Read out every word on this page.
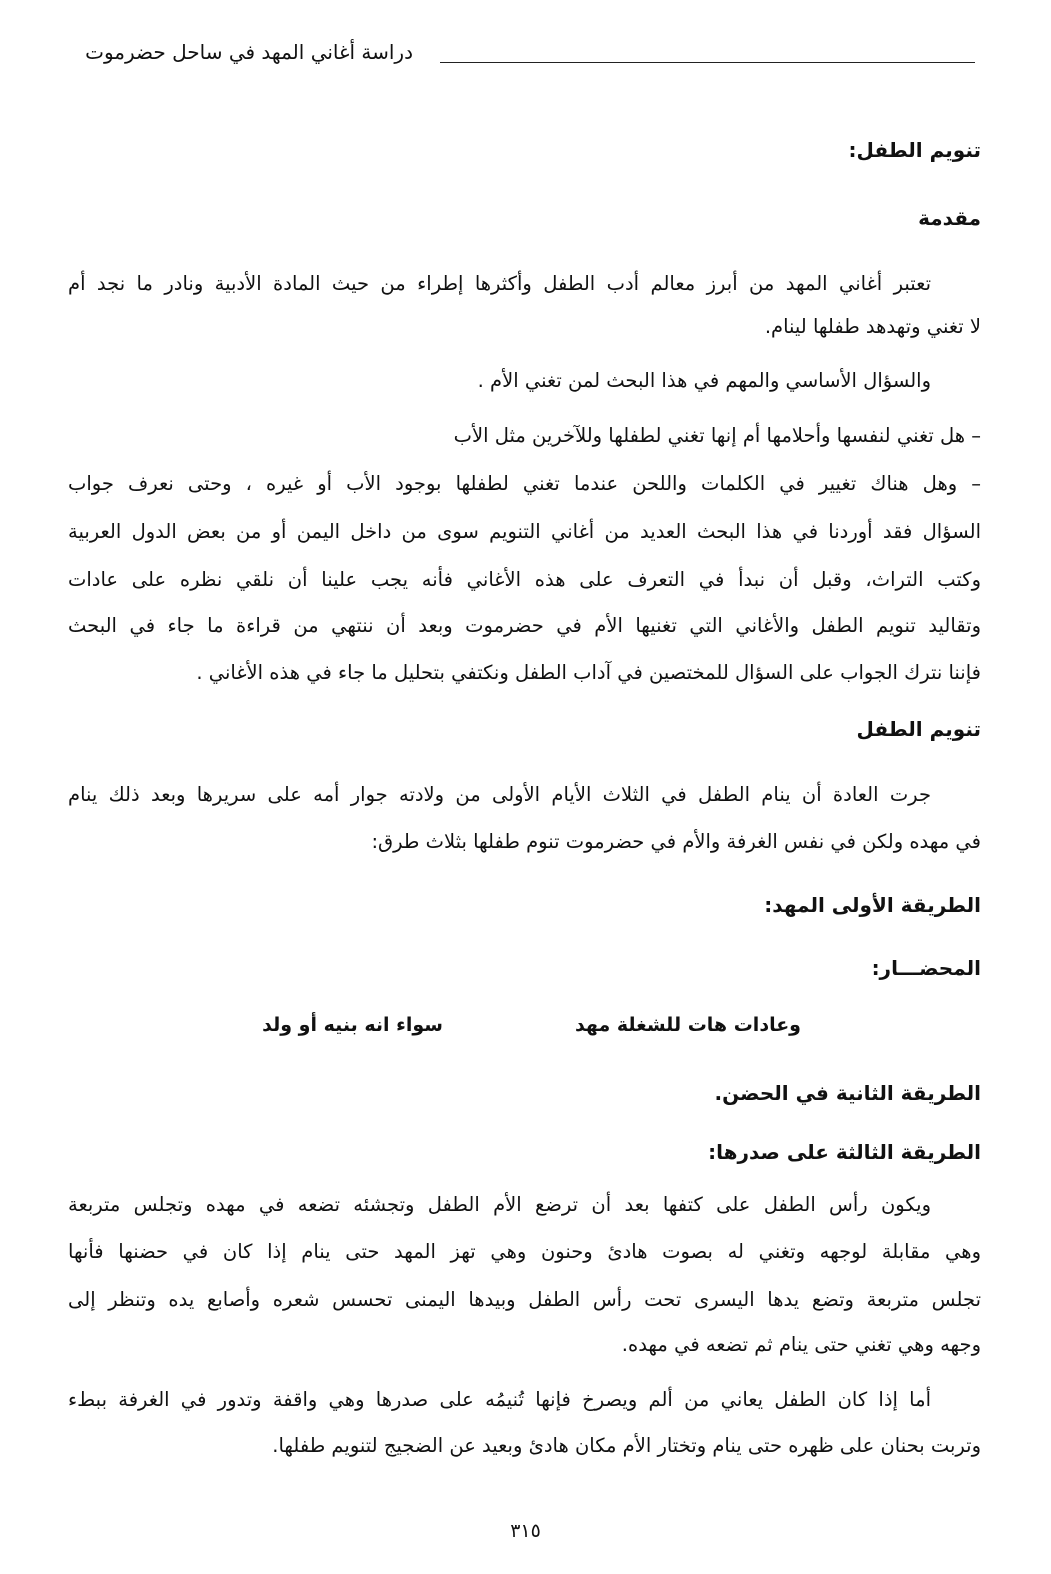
دراسة أغاني المهد في ساحل حضرموت
تنويم الطفل:
مقدمة
تعتبر أغاني المهد من أبرز معالم أدب الطفل وأكثرها إطراء من حيث المادة الأدبية ونادر ما نجد أم
لا تغني وتهدهد طفلها لينام.
والسؤال الأساسي والمهم في هذا البحث لمن تغني الأم .
– هل تغني لنفسها وأحلامها أم إنها تغني لطفلها وللآخرين مثل الأب
– وهل هناك تغيير في الكلمات واللحن عندما تغني لطفلها بوجود الأب أو غيره ، وحتى نعرف جواب
السؤال فقد أوردنا في هذا البحث العديد من أغاني التنويم سوى من داخل اليمن أو من بعض الدول العربية
وكتب التراث، وقبل أن نبدأ في التعرف على هذه الأغاني فأنه يجب علينا أن نلقي نظره على عادات
وتقاليد تنويم الطفل والأغاني التي تغنيها الأم في حضرموت وبعد أن ننتهي من قراءة ما جاء في البحث
فإننا نترك الجواب على السؤال للمختصين في آداب الطفل ونكتفي بتحليل ما جاء في هذه الأغاني .
تنويم الطفل
جرت العادة أن ينام الطفل في الثلاث الأيام الأولى من ولادته جوار أمه على سريرها وبعد ذلك ينام
في مهده ولكن في نفس الغرفة والأم في حضرموت تنوم طفلها بثلاث طرق:
الطريقة الأولى المهد:
المحضـــار:
وعادات هات للشغلة مهد
سواء انه بنيه أو ولد
الطريقة الثانية في الحضن.
الطريقة الثالثة على صدرها:
ويكون رأس الطفل على كتفها بعد أن ترضع الأم الطفل وتجشئه تضعه في مهده وتجلس متربعة
وهي مقابلة لوجهه وتغني له بصوت هادئ وحنون وهي تهز المهد حتى ينام إذا كان في حضنها فأنها
تجلس متربعة وتضع يدها اليسرى تحت رأس الطفل وبيدها اليمنى تحسس شعره وأصابع يده وتنظر إلى
وجهه وهي تغني حتى ينام ثم تضعه في مهده.
أما إذا كان الطفل يعاني من ألم ويصرخ فإنها تُنيمُه على صدرها وهي واقفة وتدور في الغرفة ببطء
وتربت بحنان على ظهره حتى ينام وتختار الأم مكان هادئ وبعيد عن الضجيج لتنويم طفلها.
٣١٥
